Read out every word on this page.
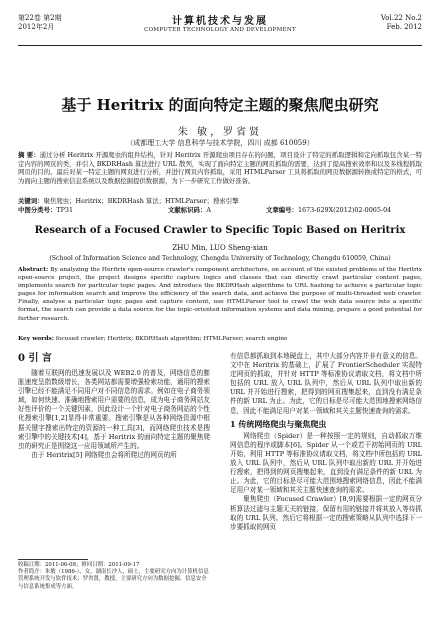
第22卷 第2期
2012年2月	计算机技术与发展
COMPUTER TECHNOLOGY AND DEVELOPMENT
Vol.22 No.2
Feb. 2012
基于 Heritrix 的面向特定主题的聚焦爬虫研究
朱 敏，罗省贤
（成都理工大学 信息科学与技术学院，四川 成都 610059）
摘 要：通过分析 Heritrix 开源爬虫的组件结构，针对 Heritrix 开源爬虫项目存在的问题，项目设计了特定的抓取逻辑和定向抓取包含某一特定内容的网页的类，并引入 BKDRHash 算法进行 URL 散列，实现了面向特定主题的网页抓取的需要，达到了提高搜索效率和以及多线程抓取网页的目的。最后对某一特定主题的网页进行分析，并进行网页内容抓取，采用 HTMLParser 工具将抓取的网页数据源转换成特定的格式，可为面向主题的搜索信息系统以及数据挖掘提供数据源，为下一步研究工作做好准备。
关键词：聚焦爬虫；Heritrix；BKDRHash 算法；HTMLParser；搜索引擎
中图分类号：TP31	文献标识码：A	文章编号：1673-629X(2012)02-0065-04
Research of a Focused Crawler to Specific Topic Based on Heritrix
ZHU Min, LUO Sheng-xian
(School of Information Science and Technology, Chengdu University of Technology, Chengdu 610059, China)
Abstract: By analyzing the Heritrix open-source crawler's component architecture, on account of the existed problems of the Heritrix open-source project, the project designs specific capture logics and classes that can directly crawl particular content pages, implements search for particular topic pages. And introduce the BKDRHash algorithms to URL hashing to achieve a particular topic pages for information search and improve the efficiency of the search data, and achieve the purpose of multi-threaded web crawler. Finally, analyse a particular topic pages and capture content, use HTMLParser tool to crawl the web data source into a specific format, the search can provide a data source for the topic-oriented information systems and data mining, prepare a good potential for further research.
Key words: focused crawler; Heritrix; BKDRHash algorithm; HTMLParser; search engine
0 引 言

随着互联网的迅速发展以及 WEB2.0 的普及，网络信息的膨胀速度呈指数级增长，各类网站都需要增强检索功能，通用的搜索引擎已经不能满足不同用户对不同信息的需求。例如在电子商务领域，如何快速、准确地搜索用户需要的信息，成为电子商务网站友好性评价的一个关键因素，因此设计一个针对电子商务网站的个性化搜索引擎[1,2]显得非常重要。搜索引擎是从各种网络资源中根据关键字搜索出特定的资源的一种工具[3]，而网络爬虫技术是搜索引擎中的关键技术[4]，基于 Heritrix 的面向特定主题的聚焦爬虫的研究正是围绕这一应用领域所产生的。

由于 Heritrix[5] 网络爬虫会将所爬过的网页的所

有信息都抓取到本地硬盘上，其中大部分内容并非有意义的信息。文中在 Heritrix 的基础上，扩展了 FrontierScheduler 实现特定网页的抓取，并针对 HTTP 等标准协议请取文档，将文档中所包括的 URL 放入 URL 队列中，然后从 URL 队列中取出新的 URL 并开始进行搜索，把得到的网页搜集起来，直到没有满足条件的新 URL 为止。为此，它的目标是尽可能大范围地搜索网络信息，因此不能满足用户对某一领域和其关主题快速查询的需求。

1 传统网络爬虫与聚焦爬虫

网络爬虫（Spider）是一种按照一定的规则，自动抓取万维网信息的程序或脚本[6]。Spider 从一个或若干初始网页的 URL 开始，利用 HTTP 等标准协议请取文档，将文档中所包括的 URL 放入 URL 队列中，然后从 URL 队列中取出新的 URL 并开始进行搜索，把得到的网页搜集起来，直到没有满足条件的新 URL 为止。为此，它的目标是尽可能大范围地搜索网络信息，因此不能满足用户对某一领域和其关主题快速查询的需求。

聚焦爬虫（Focused Crawler）[8,9]需要根据一定的网页分析算法过滤与主题无关的链接，保留有用的链接并将其放入等待抓取的 URL 队列。然后它将根据一定的搜索策略从队列中选择下一步要抓取的网页

收稿日期：2011-06-08；修回日期：2011-09-17
作者简介：朱敏（1986-），女，湖南长沙人，硕士，主要研究方向为计算机信息管理系统开发与软件技术；罗省贤，教授，主要研究方向为数据挖掘、信息安全与信息系统集成等方面。
